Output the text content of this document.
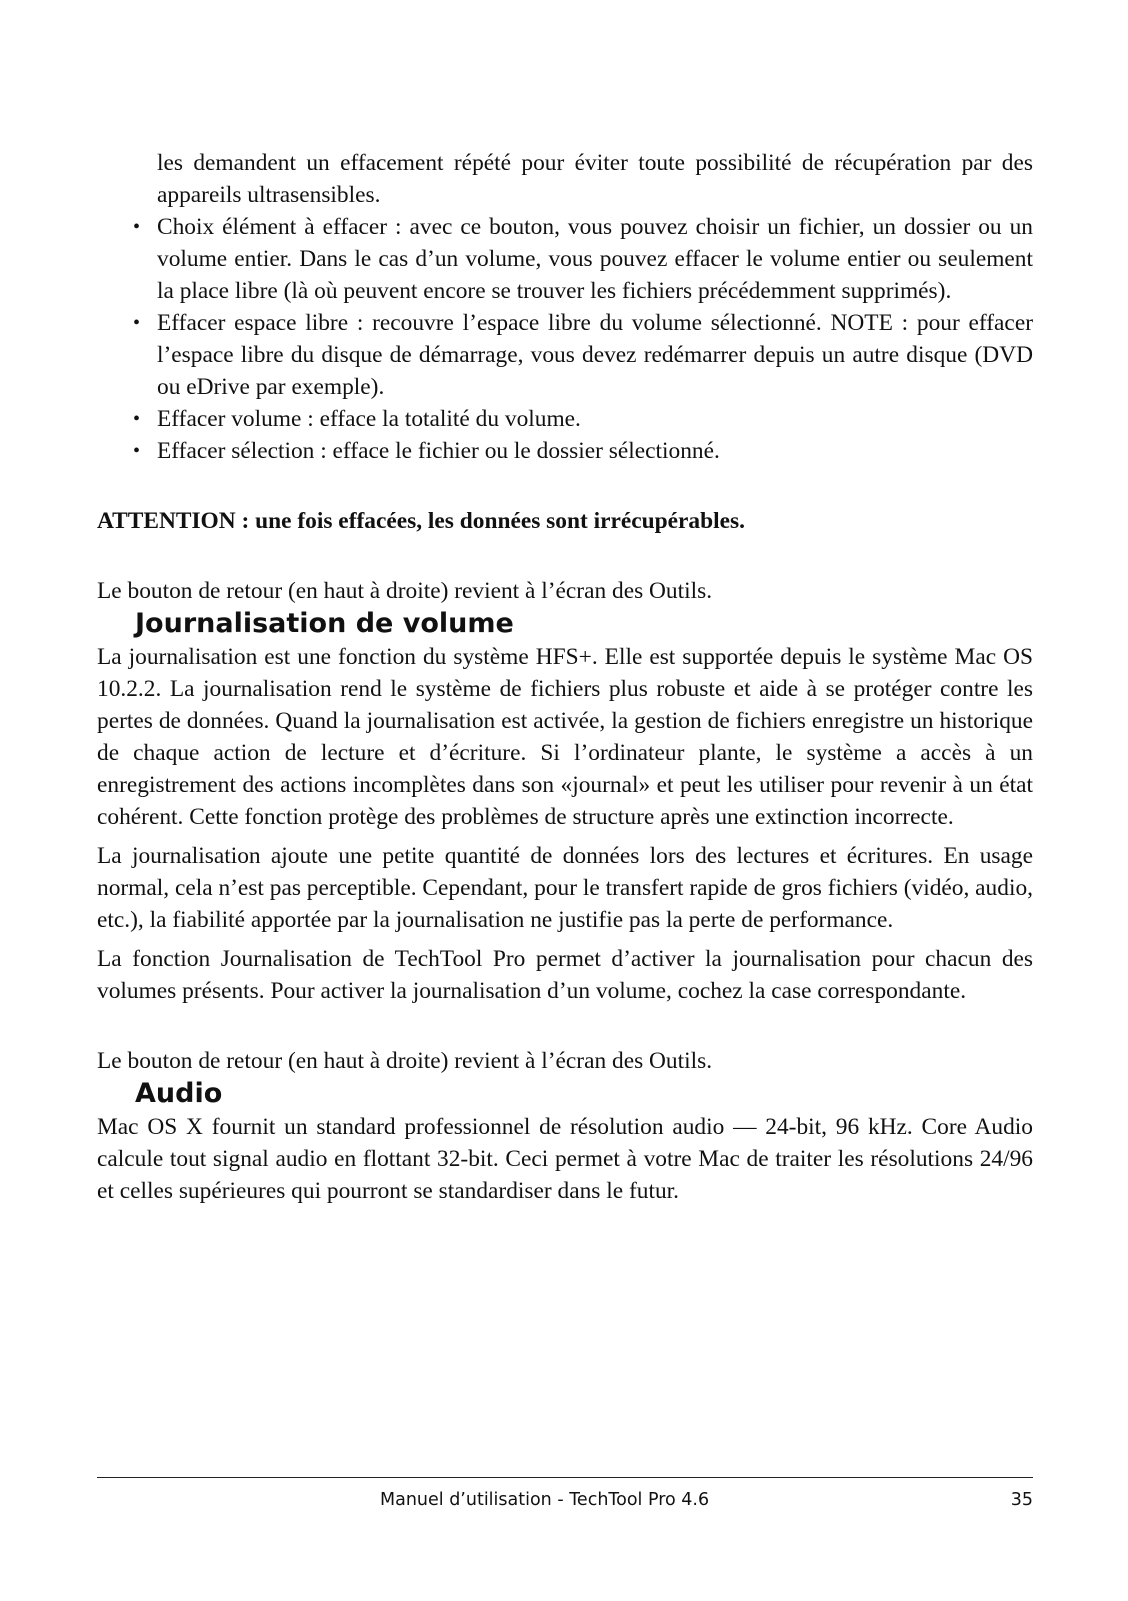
les demandent un effacement répété pour éviter toute possibilité de récupération par des appareils ultrasensibles.

• Choix élément à effacer : avec ce bouton, vous pouvez choisir un fichier, un dossier ou un volume entier. Dans le cas d’un volume, vous pouvez effacer le volume entier ou seulement la place libre (là où peuvent encore se trouver les fichiers précédemment supprimés).
• Effacer espace libre : recouvre l’espace libre du volume sélectionné. NOTE : pour effacer l’espace libre du disque de démarrage, vous devez redémarrer depuis un autre disque (DVD ou eDrive par exemple).
• Effacer volume : efface la totalité du volume.
• Effacer sélection : efface le fichier ou le dossier sélectionné.

ATTENTION : une fois effacées, les données sont irrécupérables.

Le bouton de retour (en haut à droite) revient à l’écran des Outils.

Journalisation de volume

La journalisation est une fonction du système HFS+. Elle est supportée depuis le système Mac OS 10.2.2. La journalisation rend le système de fichiers plus robuste et aide à se protéger contre les pertes de données. Quand la journalisation est activée, la gestion de fichiers enregistre un historique de chaque action de lecture et d’écriture. Si l’ordinateur plante, le système a accès à un enregistrement des actions incomplètes dans son «journal» et peut les utiliser pour revenir à un état cohérent. Cette fonction protège des problèmes de structure après une extinction incorrecte.

La journalisation ajoute une petite quantité de données lors des lectures et écritures. En usage normal, cela n’est pas perceptible. Cependant, pour le transfert rapide de gros fichiers (vidéo, audio, etc.), la fiabilité apportée par la journalisation ne justifie pas la perte de performance.

La fonction Journalisation de TechTool Pro permet d’activer la journalisation pour chacun des volumes présents. Pour activer la journalisation d’un volume, cochez la case correspondante.

Le bouton de retour (en haut à droite) revient à l’écran des Outils.

Audio

Mac OS X fournit un standard professionnel de résolution audio — 24-bit, 96 kHz. Core Audio calcule tout signal audio en flottant 32-bit. Ceci permet à votre Mac de traiter les résolutions 24/96 et celles supérieures qui pourront se standardiser dans le futur.

Manuel d’utilisation - TechTool Pro 4.6	35
